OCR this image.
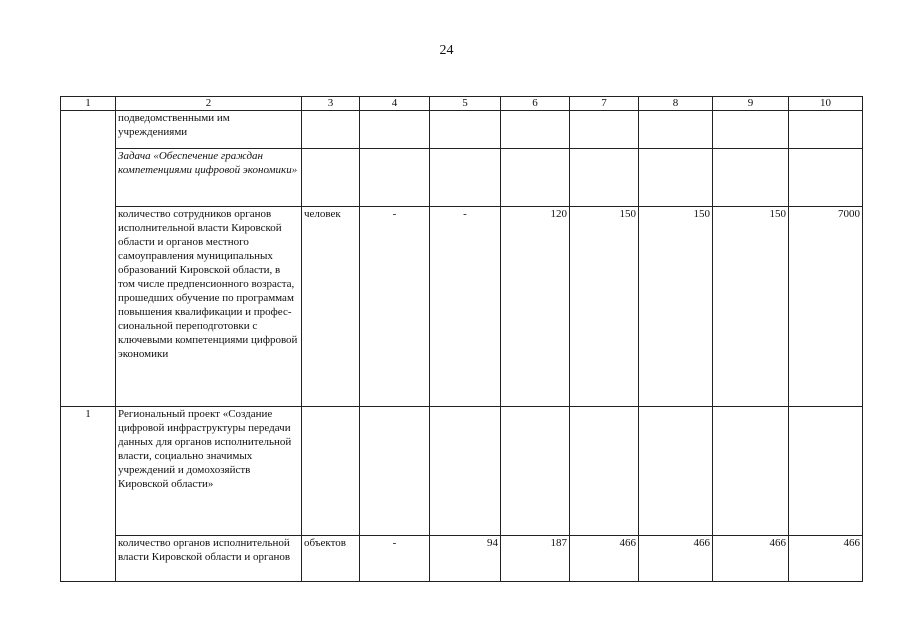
24
1	2	3	4	5	6	7	8	9	10
	подведомственными им учреждениями								
	Задача «Обеспечение граждан компетенциями цифровой экономики»								
	количество сотрудников органов исполнительной власти Кировской области и органов местного самоуправления муниципальных образований Кировской области, в том числе предпенсионного возраста, прошедших обучение по программам повышения квалификации и профес-сиональной переподготовки с ключевыми компетенциями цифровой экономики	человек	-	-	120	150	150	150	7000
1	Региональный проект «Создание цифровой инфраструктуры передачи данных для органов исполнительной власти, социально значимых учреждений и домохозяйств Кировской области»								
	количество органов исполнительной власти Кировской области и органов	объектов	-	94	187	466	466	466	466
